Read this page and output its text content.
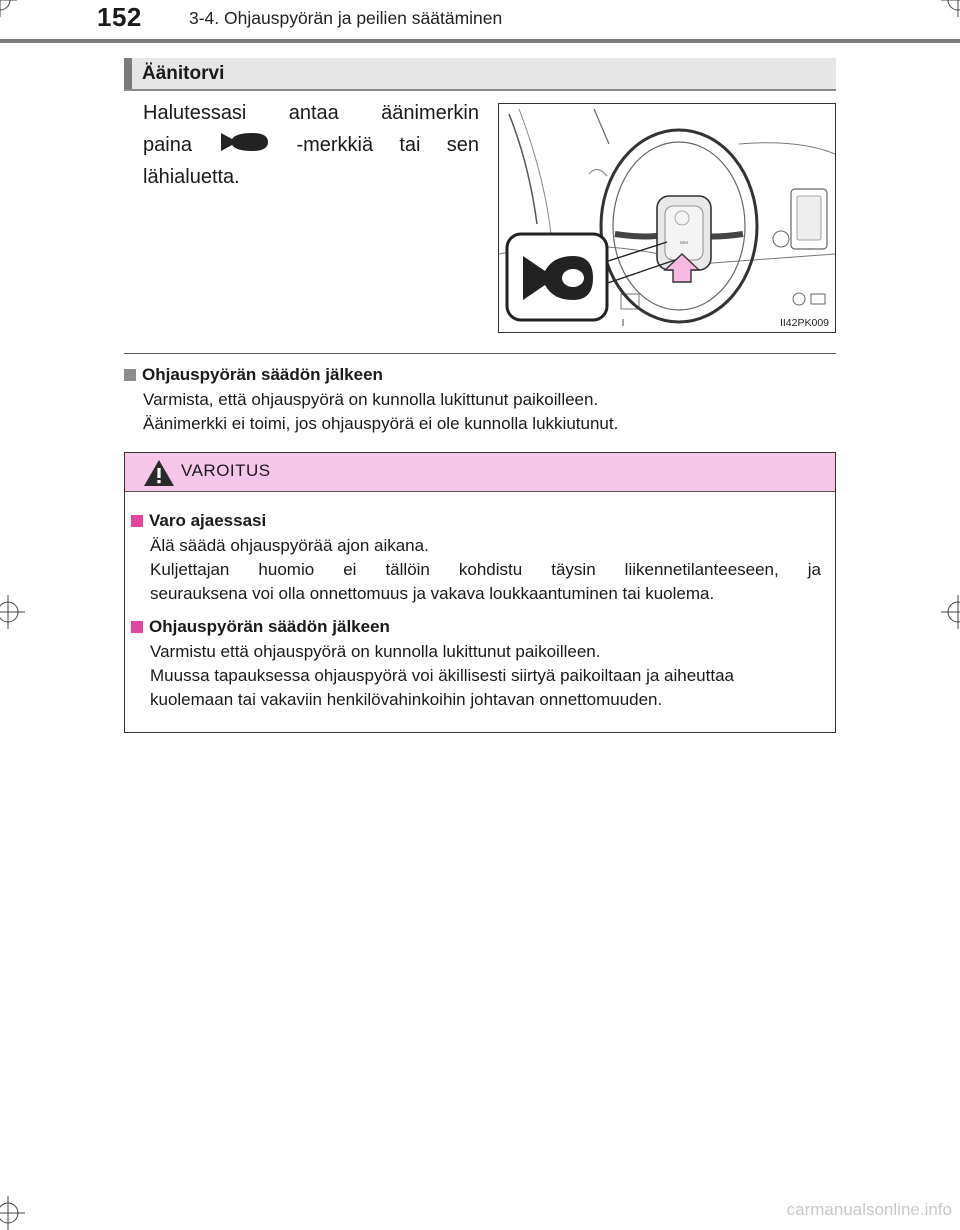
152	3-4. Ohjauspyörän ja peilien säätäminen
Äänitorvi
Halutessasi antaa äänimerkin
paina	-merkkiä tai sen
lähialuetta.
SRS
II42PK009
Ohjauspyörän säädön jälkeen
Varmista, että ohjauspyörä on kunnolla lukittunut paikoilleen.
Äänimerkki ei toimi, jos ohjauspyörä ei ole kunnolla lukkiutunut.
VAROITUS
Varo ajaessasi
Älä säädä ohjauspyörää ajon aikana.
Kuljettajan huomio ei tällöin kohdistu täysin liikennetilanteeseen, ja
seurauksena voi olla onnettomuus ja vakava loukkaantuminen tai kuolema.
Ohjauspyörän säädön jälkeen
Varmistu että ohjauspyörä on kunnolla lukittunut paikoilleen.
Muussa tapauksessa ohjauspyörä voi äkillisesti siirtyä paikoiltaan ja aiheuttaa
kuolemaan tai vakaviin henkilövahinkoihin johtavan onnettomuuden.
carmanualsonline.info
